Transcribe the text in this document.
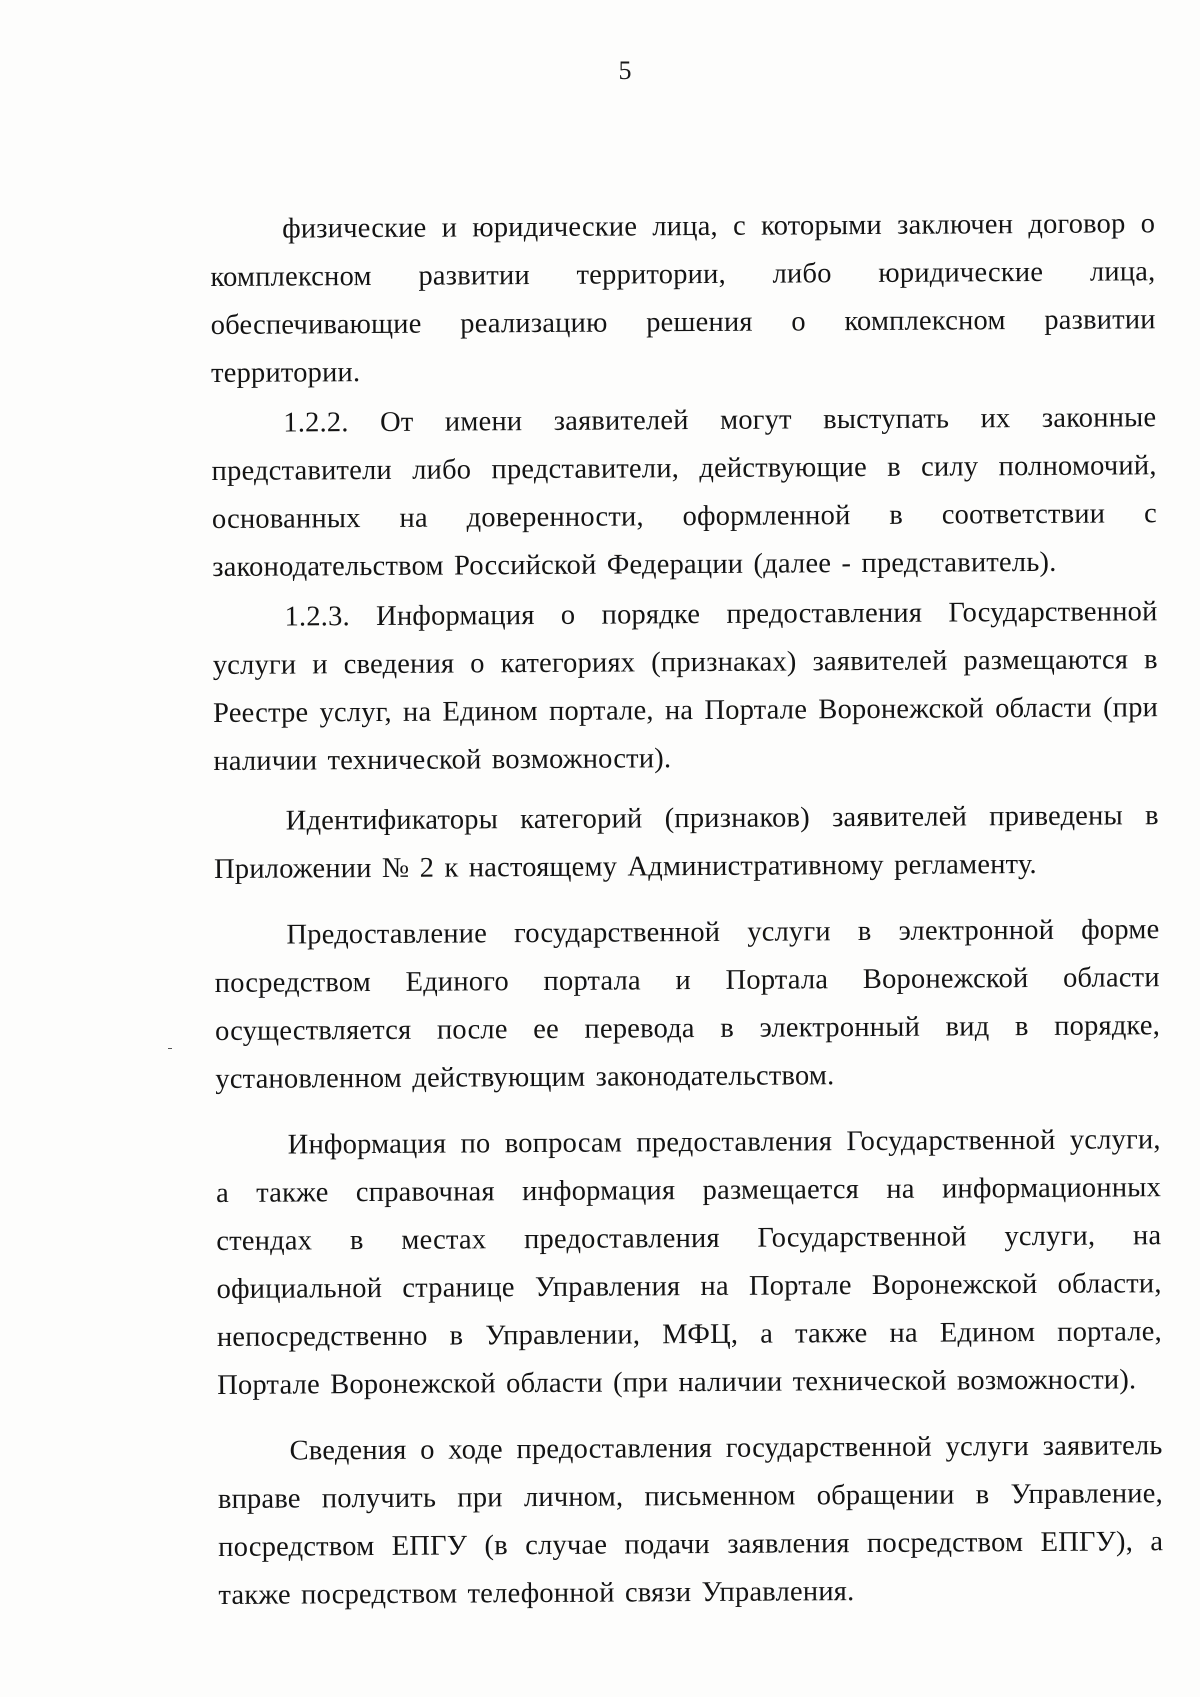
5

физические и юридические лица, с которыми заключен договор о комплексном развитии территории, либо юридические лица, обеспечивающие реализацию решения о комплексном развитии территории.

1.2.2. От имени заявителей могут выступать их законные представители либо представители, действующие в силу полномочий, основанных на доверенности, оформленной в соответствии с законодательством Российской Федерации (далее - представитель).

1.2.3. Информация о порядке предоставления Государственной услуги и сведения о категориях (признаках) заявителей размещаются в Реестре услуг, на Едином портале, на Портале Воронежской области (при наличии технической возможности).

Идентификаторы категорий (признаков) заявителей приведены в Приложении № 2 к настоящему Административному регламенту.

Предоставление государственной услуги в электронной форме посредством Единого портала и Портала Воронежской области осуществляется после ее перевода в электронный вид в порядке, установленном действующим законодательством.

Информация по вопросам предоставления Государственной услуги, а также справочная информация размещается на информационных стендах в местах предоставления Государственной услуги, на официальной странице Управления на Портале Воронежской области, непосредственно в Управлении, МФЦ, а также на Едином портале, Портале Воронежской области (при наличии технической возможности).

Сведения о ходе предоставления государственной услуги заявитель вправе получить при личном, письменном обращении в Управление, посредством ЕПГУ (в случае подачи заявления посредством ЕПГУ), а также посредством телефонной связи Управления.
